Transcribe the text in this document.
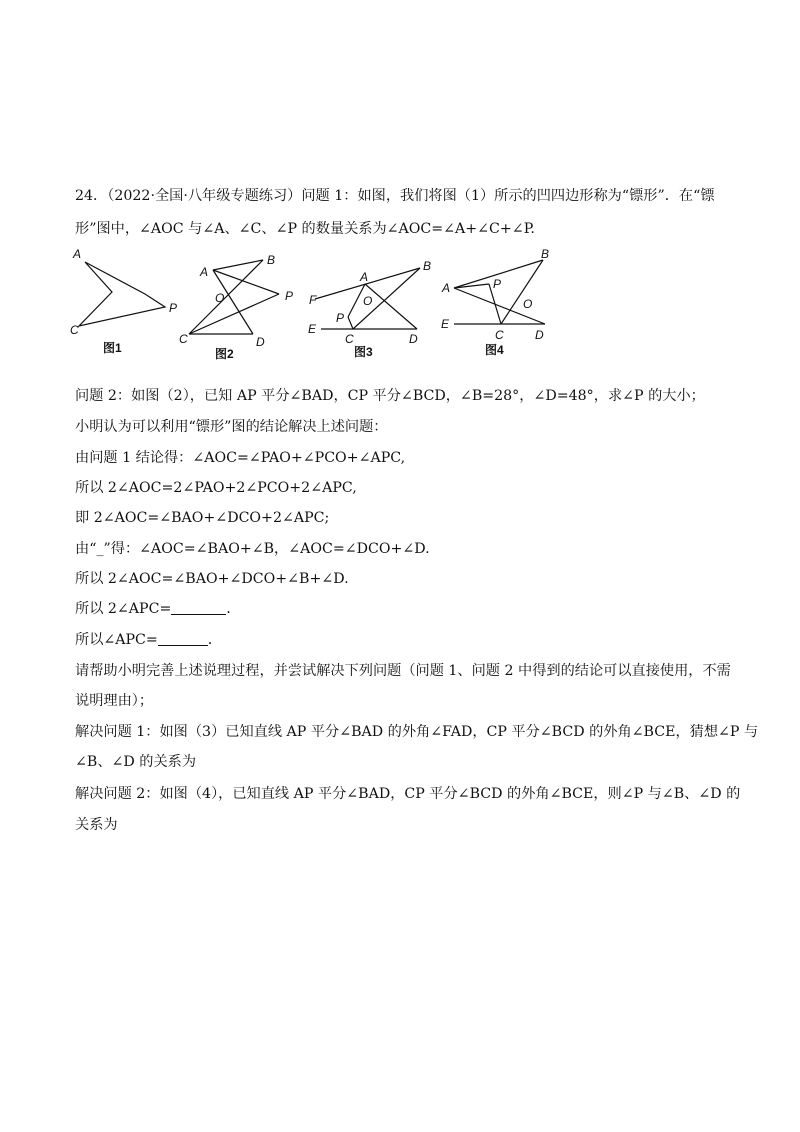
24．（2022·全国·八年级专题练习）问题 1：如图，我们将图（1）所示的凹四边形称为“镖形”．在“镖
形”图中，∠AOC 与∠A、∠C、∠P 的数量关系为∠AOC=∠A+∠C+∠P.
A
P
C
图1
A
B
O	P
C	D
图2
A
B
F	O
P
E
C	D
图3
A	P
B
O
E
C	D
图4
问题 2：如图（2），已知 AP 平分∠BAD，CP 平分∠BCD，∠B=28°，∠D=48°，求∠P 的大小；
小明认为可以利用“镖形”图的结论解决上述问题：
由问题 1 结论得：∠AOC=∠PAO+∠PCO+∠APC,
所以 2∠AOC=2∠PAO+2∠PCO+2∠APC,
即 2∠AOC=∠BAO+∠DCO+2∠APC;
由“_”得：∠AOC=∠BAO+∠B，∠AOC=∠DCO+∠D.
所以 2∠AOC=∠BAO+∠DCO+∠B+∠D.
所以 2∠APC=	．
所以∠APC=	．
请帮助小明完善上述说理过程，并尝试解决下列问题（问题 1、问题 2 中得到的结论可以直接使用，不需
说明理由）；
解决问题 1：如图（3）已知直线 AP 平分∠BAD 的外角∠FAD，CP 平分∠BCD 的外角∠BCE，猜想∠P 与
∠B、∠D 的关系为
解决问题 2：如图（4），已知直线 AP 平分∠BAD，CP 平分∠BCD 的外角∠BCE，则∠P 与∠B、∠D 的
关系为
